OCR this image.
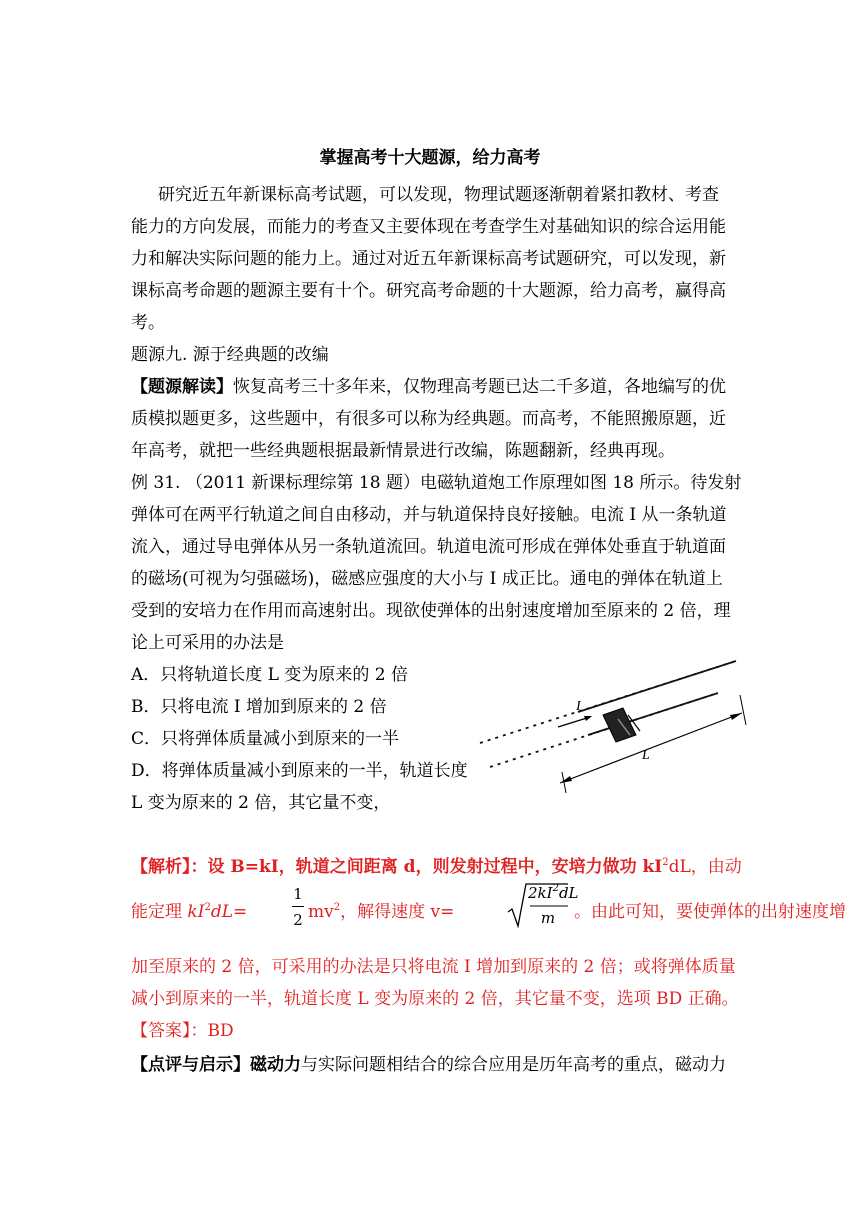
掌握高考十大题源，给力高考
研究近五年新课标高考试题，可以发现，物理试题逐渐朝着紧扣教材、考查
能力的方向发展，而能力的考查又主要体现在考查学生对基础知识的综合运用能
力和解决实际问题的能力上。通过对近五年新课标高考试题研究，可以发现，新
课标高考命题的题源主要有十个。研究高考命题的十大题源，给力高考，赢得高
考。
题源九. 源于经典题的改编
【题源解读】恢复高考三十多年来，仅物理高考题已达二千多道，各地编写的优
质模拟题更多，这些题中，有很多可以称为经典题。而高考，不能照搬原题，近
年高考，就把一些经典题根据最新情景进行改编，陈题翻新，经典再现。
例 31. （2011 新课标理综第 18 题）电磁轨道炮工作原理如图 18 所示。待发射
弹体可在两平行轨道之间自由移动，并与轨道保持良好接触。电流 I 从一条轨道
流入，通过导电弹体从另一条轨道流回。轨道电流可形成在弹体处垂直于轨道面
的磁场(可视为匀强磁场)，磁感应强度的大小与 I 成正比。通电的弹体在轨道上
受到的安培力在作用而高速射出。现欲使弹体的出射速度增加至原来的 2 倍，理
论上可采用的办法是
A．只将轨道长度 L 变为原来的 2 倍
B．只将电流 I 增加到原来的 2 倍
C．只将弹体质量减小到原来的一半
D．将弹体质量减小到原来的一半，轨道长度
L 变为原来的 2 倍，其它量不变，
I
L
【解析】：设 B=kI，轨道之间距离 d，则发射过程中，安培力做功 $kI^2dL$，由动
能定理 $kI^2dL=$
1
2 $mv^2$，解得速度 v=
$2kI^2dL$
m 。由此可知，要使弹体的出射速度增
加至原来的 2 倍，可采用的办法是只将电流 I 增加到原来的 2 倍；或将弹体质量
减小到原来的一半，轨道长度 L 变为原来的 2 倍，其它量不变，选项 BD 正确。
【答案】：BD
【点评与启示】磁动力与实际问题相结合的综合应用是历年高考的重点，磁动力
